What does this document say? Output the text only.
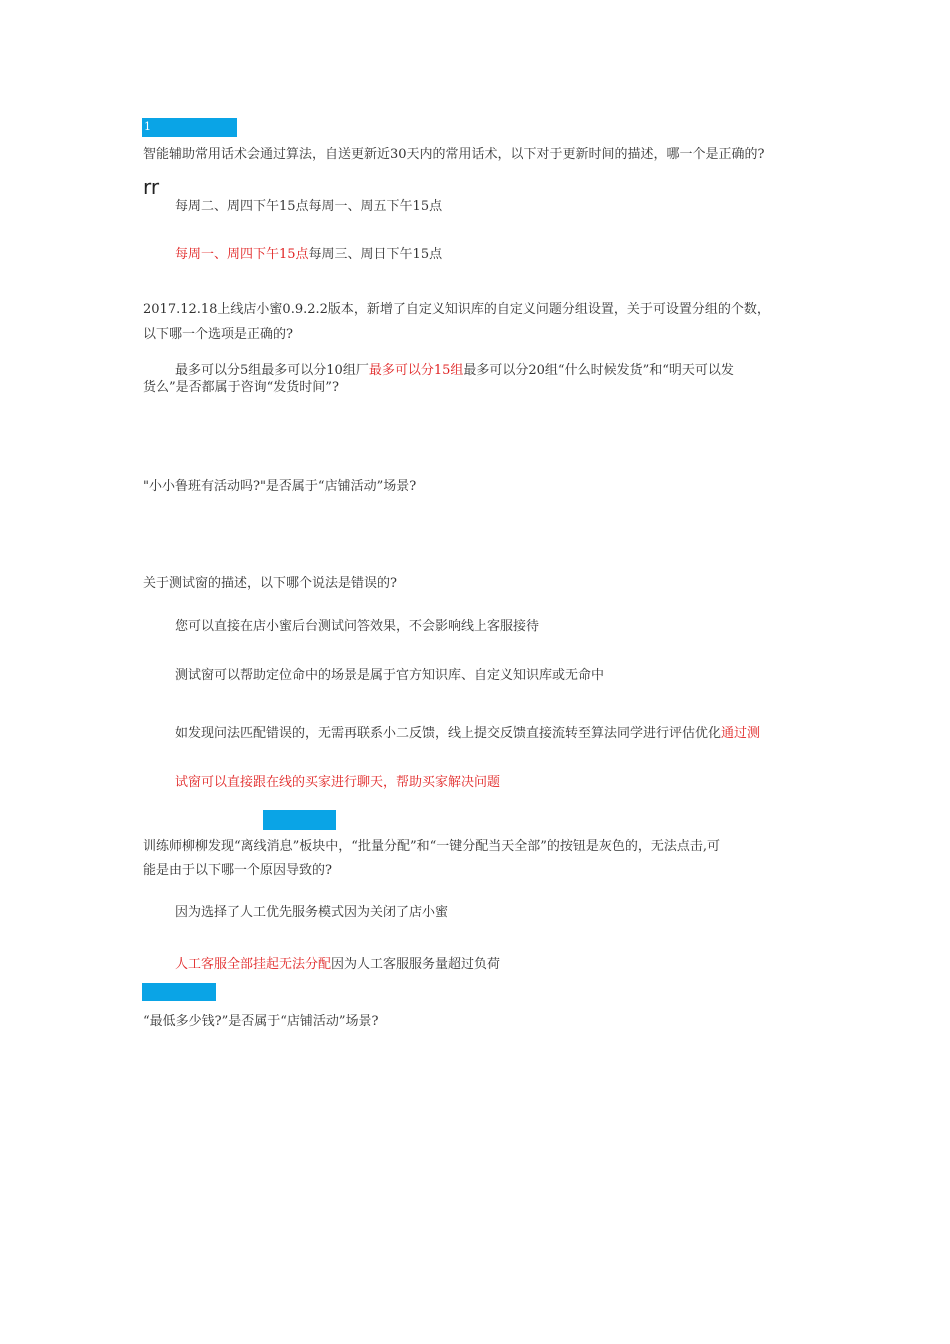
1
智能辅助常用话术会通过算法，自送更新近30天内的常用话术，以下对于更新时间的描述，哪一个是正确的?
rr
每周二、周四下午15点每周一、周五下午15点
每周一、周四下午15点每周三、周日下午15点
2017.12.18上线店小蜜0.9.2.2版本，新增了自定义知识库的自定义问题分组设置，关于可设置分组的个数，
以下哪一个选项是正确的?
最多可以分5组最多可以分10组厂最多可以分15组最多可以分20组“什么时候发货”和“明天可以发
货么”是否都属于咨询“发货时间”?
"小小鲁班有活动吗?"是否属于“店铺活动”场景?
关于测试窗的描述，以下哪个说法是错误的?
您可以直接在店小蜜后台测试问答效果，不会影响线上客服接待
测试窗可以帮助定位命中的场景是属于官方知识库、自定义知识库或无命中
如发现问法匹配错误的，无需再联系小二反馈，线上提交反馈直接流转至算法同学进行评估优化通过测
试窗可以直接跟在线的买家进行聊天，帮助买家解决问题
训练师柳柳发现“离线消息”板块中，“批量分配”和“一键分配当天全部”的按钮是灰色的，无法点击,可
能是由于以下哪一个原因导致的?
因为选择了人工优先服务模式因为关闭了店小蜜
人工客服全部挂起无法分配因为人工客服服务量超过负荷
“最低多少钱?”是否属于“店铺活动”场景?
